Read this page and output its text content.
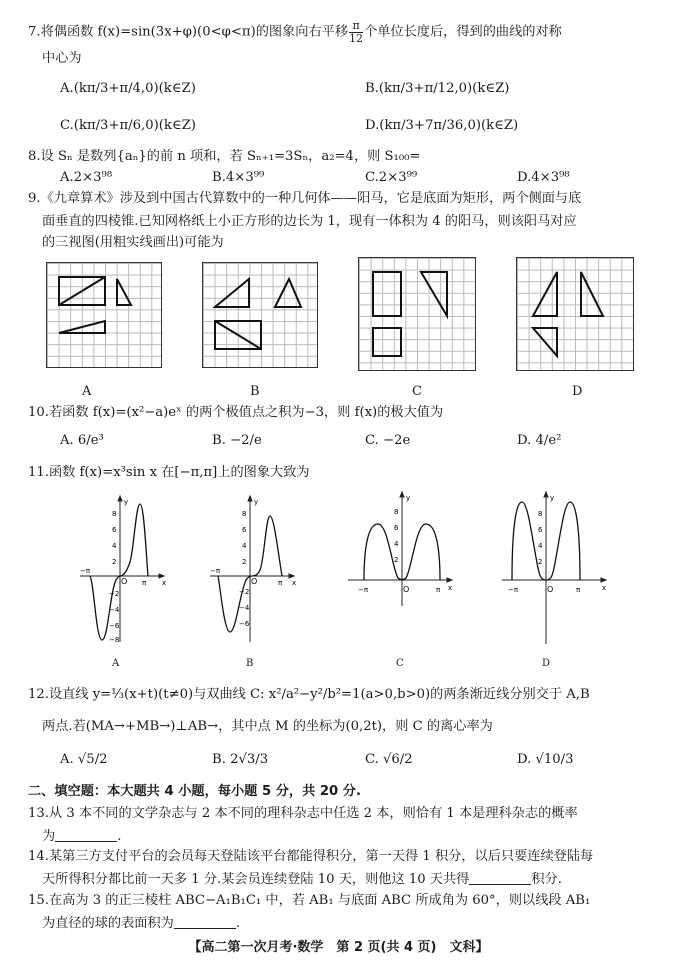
7.将偶函数 f(x)=sin(3x+φ)(0<φ<π)的图象向右平移 $\frac{\pi}{12}$ 个单位长度后，得到的曲线的对称
中心为
A.(kπ/3+π/4,0)(k∈Z)	B.(kπ/3+π/12,0)(k∈Z)
C.(kπ/3+π/6,0)(k∈Z)	D.(kπ/3+7π/36,0)(k∈Z)
8.设 Sₙ 是数列{aₙ}的前 n 项和，若 Sₙ₊₁=3Sₙ，a₂=4，则 S₁₀₀=
A.2×3⁹⁸	B.4×3⁹⁹	C.2×3⁹⁹	D.4×3⁹⁸
9.《九章算术》涉及到中国古代算数中的一种几何体——阳马，它是底面为矩形，两个侧面与底
面垂直的四棱锥.已知网格纸上小正方形的边长为 1，现有一体积为 4 的阳马，则该阳马对应
的三视图(用粗实线画出)可能为
A	B	C	D
10.若函数 f(x)=(x²−a)eˣ 的两个极值点之积为−3，则 f(x)的极大值为
A. 6/e³	B. −2/e	C. −2e	D. 4/e²
11.函数 f(x)=x³sin x 在[−π,π]上的图象大致为
y
x
8
6
4
2
−2
−4
−6
−8
−π
O π
y
x
8
6
4
2
−2
−4
−6
−π
O	π
y
x
8
6
4
2
−π	O	π
y
x
8
6
4
2
−π	O	π
A	B	C	D
12.设直线 y=⅓(x+t)(t≠0)与双曲线 C: x²/a²−y²/b²=1(a>0,b>0)的两条渐近线分别交于 A,B
两点.若(MA→+MB→)⊥AB→，其中点 M 的坐标为(0,2t)，则 C 的离心率为
A. √5/2	B. 2√3/3	C. √6/2	D. √10/3
二、填空题：本大题共 4 小题，每小题 5 分，共 20 分.
13.从 3 本不同的文学杂志与 2 本不同的理科杂志中任选 2 本，则恰有 1 本是理科杂志的概率
为	.
14.某第三方支付平台的会员每天登陆该平台都能得积分，第一天得 1 积分，以后只要连续登陆每
天所得积分都比前一天多 1 分.某会员连续登陆 10 天，则他这 10 天共得	积分.
15.在高为 3 的正三棱柱 ABC−A₁B₁C₁ 中，若 AB₁ 与底面 ABC 所成角为 60°，则以线段 AB₁
为直径的球的表面积为	.
【高二第一次月考·数学　第 2 页(共 4 页)　文科】
